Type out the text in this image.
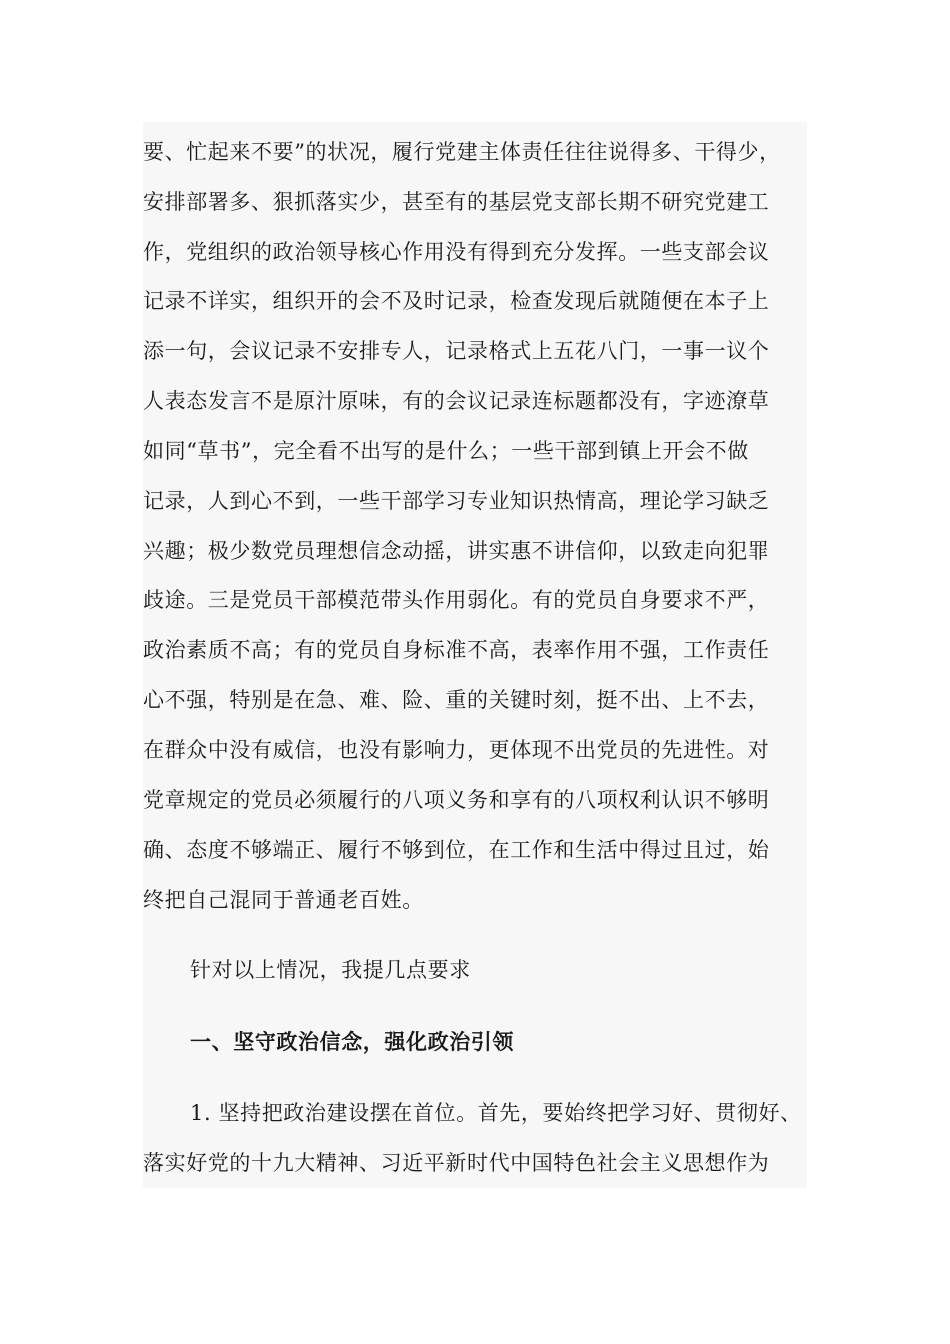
要、忙起来不要”的状况，履行党建主体责任往往说得多、干得少，
安排部署多、狠抓落实少，甚至有的基层党支部长期不研究党建工
作，党组织的政治领导核心作用没有得到充分发挥。一些支部会议
记录不详实，组织开的会不及时记录，检查发现后就随便在本子上
添一句，会议记录不安排专人，记录格式上五花八门，一事一议个
人表态发言不是原汁原味，有的会议记录连标题都没有，字迹潦草
如同“草书”，完全看不出写的是什么；一些干部到镇上开会不做
记录，人到心不到，一些干部学习专业知识热情高，理论学习缺乏
兴趣；极少数党员理想信念动摇，讲实惠不讲信仰，以致走向犯罪
歧途。三是党员干部模范带头作用弱化。有的党员自身要求不严，
政治素质不高；有的党员自身标准不高，表率作用不强，工作责任
心不强，特别是在急、难、险、重的关键时刻，挺不出、上不去，
在群众中没有威信，也没有影响力，更体现不出党员的先进性。对
党章规定的党员必须履行的八项义务和享有的八项权利认识不够明
确、态度不够端正、履行不够到位，在工作和生活中得过且过，始
终把自己混同于普通老百姓。
针对以上情况，我提几点要求
一、坚守政治信念，强化政治引领
1. 坚持把政治建设摆在首位。首先，要始终把学习好、贯彻好、
落实好党的十九大精神、习近平新时代中国特色社会主义思想作为
